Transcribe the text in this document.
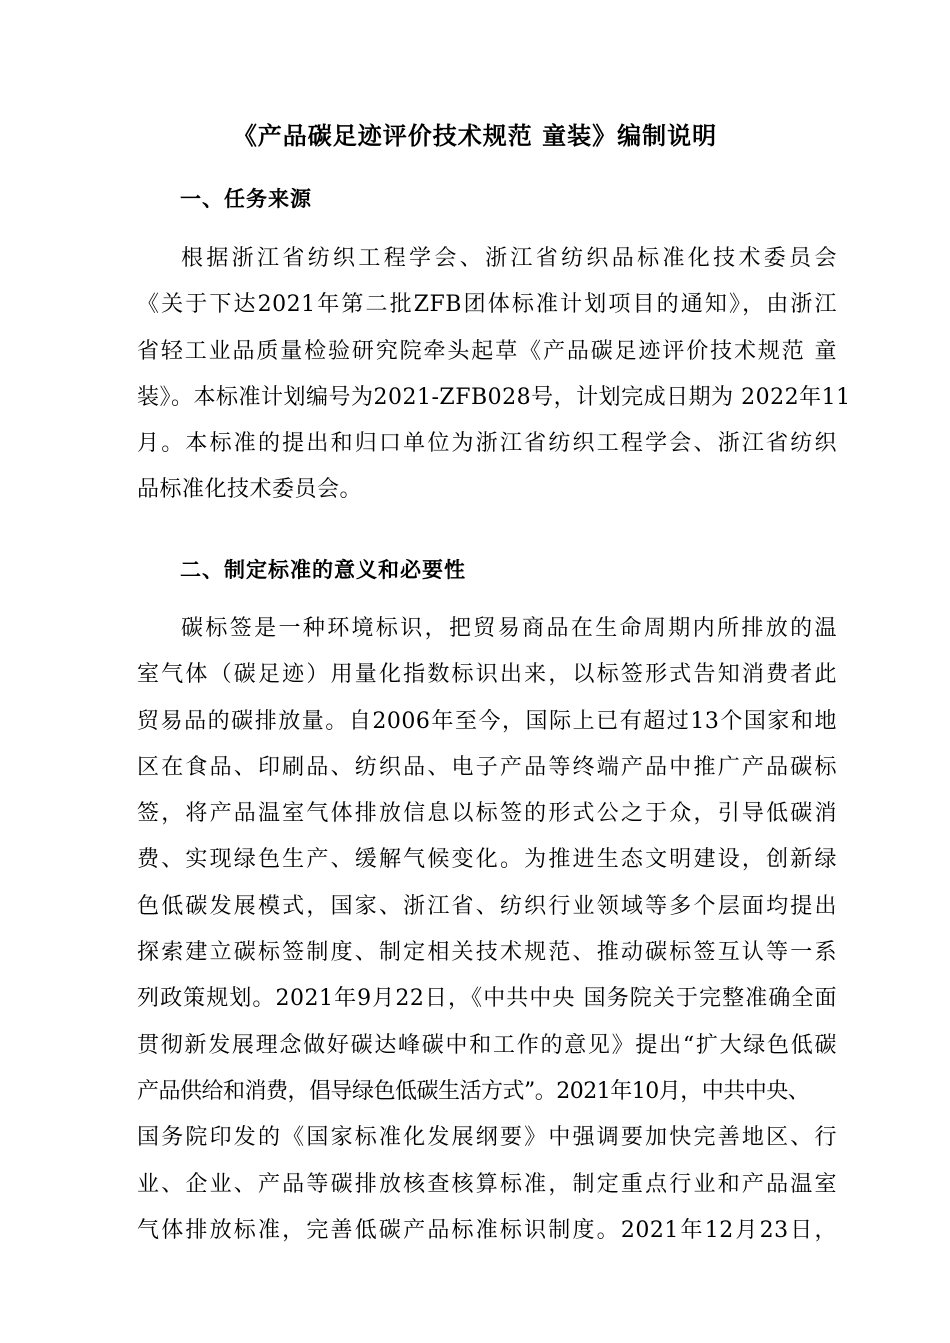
《产品碳足迹评价技术规范 童装》编制说明
一、任务来源
根据浙江省纺织工程学会、浙江省纺织品标准化技术委员会
《关于下达2021年第二批ZFB团体标准计划项目的通知》，由浙江
省轻工业品质量检验研究院牵头起草《产品碳足迹评价技术规范 童
装》。本标准计划编号为2021-ZFB028号，计划完成日期为 2022年11
月。本标准的提出和归口单位为浙江省纺织工程学会、浙江省纺织
品标准化技术委员会。
二、制定标准的意义和必要性
碳标签是一种环境标识，把贸易商品在生命周期内所排放的温
室气体（碳足迹）用量化指数标识出来，以标签形式告知消费者此
贸易品的碳排放量。自2006年至今，国际上已有超过13个国家和地
区在食品、印刷品、纺织品、电子产品等终端产品中推广产品碳标
签，将产品温室气体排放信息以标签的形式公之于众，引导低碳消
费、实现绿色生产、缓解气候变化。为推进生态文明建设，创新绿
色低碳发展模式，国家、浙江省、纺织行业领域等多个层面均提出
探索建立碳标签制度、制定相关技术规范、推动碳标签互认等一系
列政策规划。2021年9月22日，《中共中央 国务院关于完整准确全面
贯彻新发展理念做好碳达峰碳中和工作的意见》提出“扩大绿色低碳
产品供给和消费，倡导绿色低碳生活方式”。2021年10月，中共中央、
国务院印发的《国家标准化发展纲要》中强调要加快完善地区、行
业、企业、产品等碳排放核查核算标准，制定重点行业和产品温室
气体排放标准，完善低碳产品标准标识制度。2021年12月23日，
